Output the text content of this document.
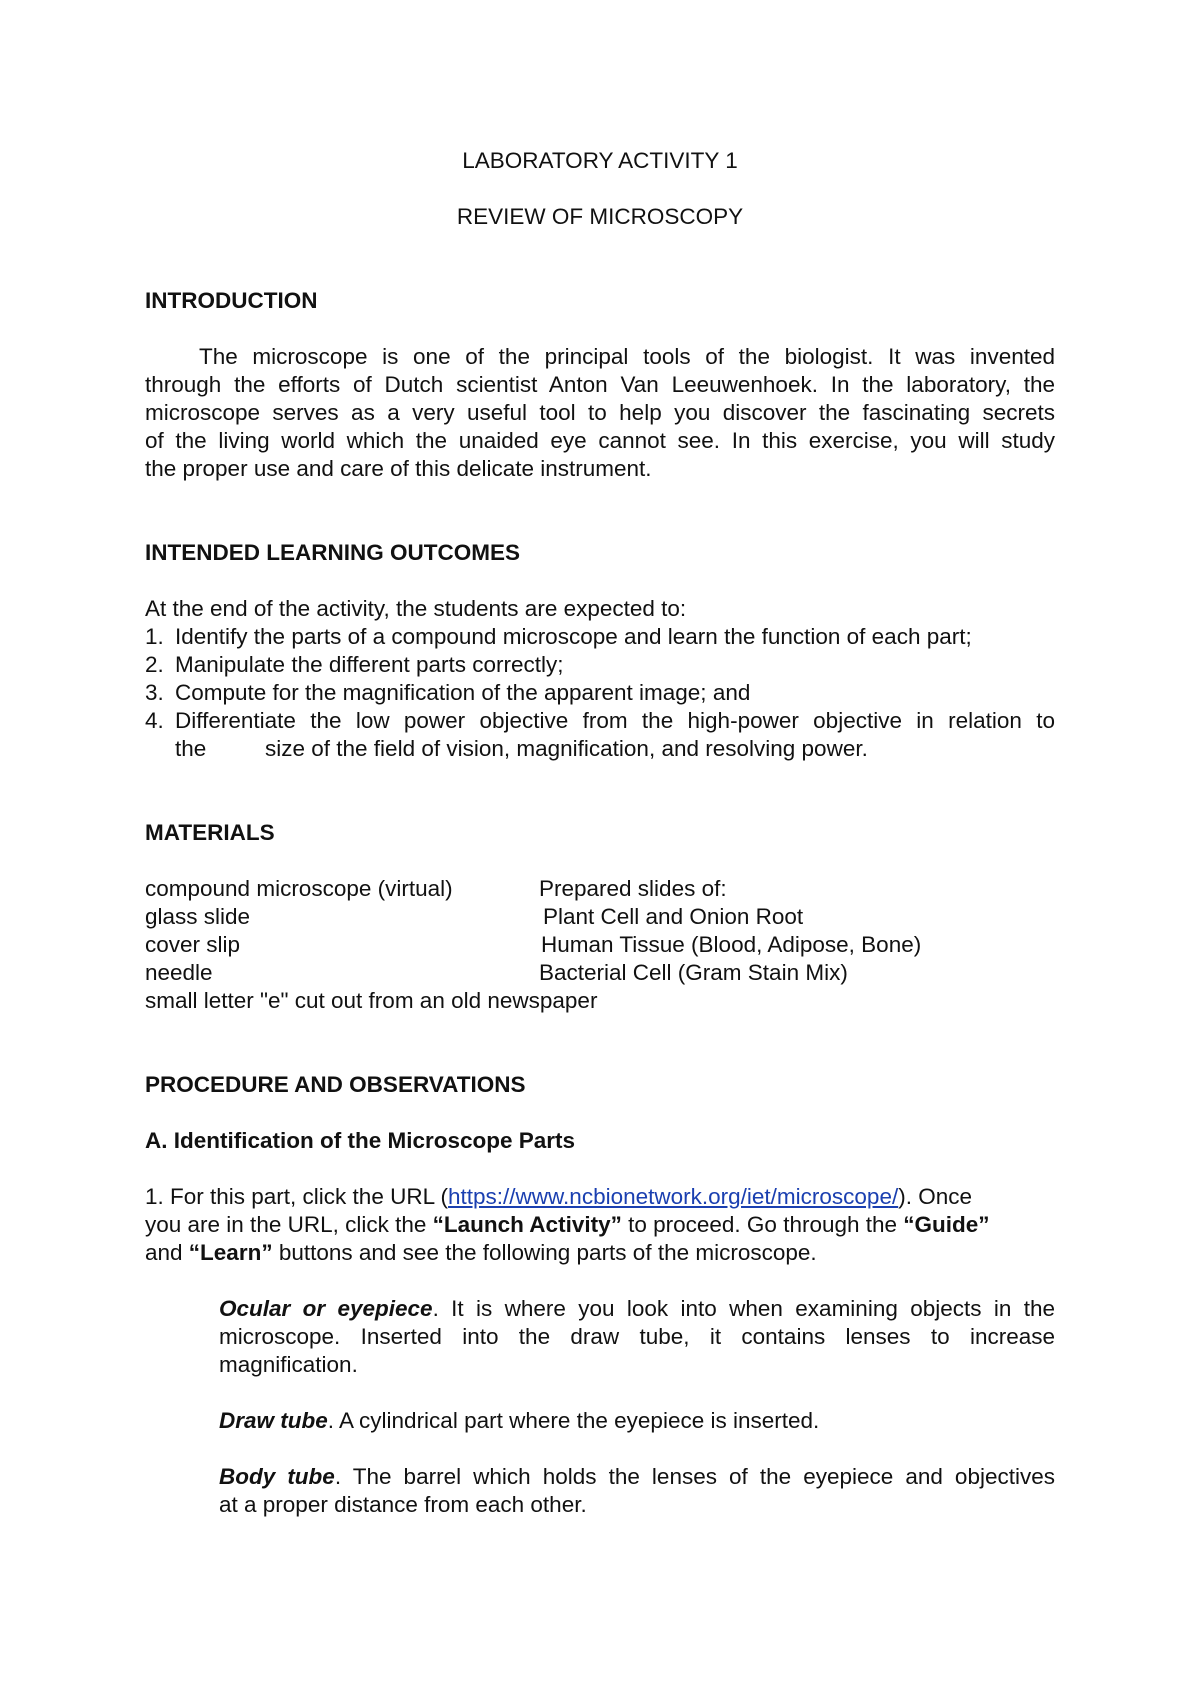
LABORATORY ACTIVITY 1
REVIEW OF MICROSCOPY
INTRODUCTION
The microscope is one of the principal tools of the biologist. It was invented
through the efforts of Dutch scientist Anton Van Leeuwenhoek. In the laboratory, the
microscope serves as a very useful tool to help you discover the fascinating secrets
of the living world which the unaided eye cannot see. In this exercise, you will study
the proper use and care of this delicate instrument.
INTENDED LEARNING OUTCOMES
At the end of the activity, the students are expected to:
1. Identify the parts of a compound microscope and learn the function of each part;
2. Manipulate the different parts correctly;
3. Compute for the magnification of the apparent image; and
4. Differentiate the low power objective from the high-power objective in relation to
the	size of the field of vision, magnification, and resolving power.
MATERIALS
compound microscope (virtual)
glass slide
cover slip
needle
small letter "e" cut out from an old newspaper
Prepared slides of:
Plant Cell and Onion Root
Human Tissue (Blood, Adipose, Bone)
Bacterial Cell (Gram Stain Mix)
PROCEDURE AND OBSERVATIONS
A. Identification of the Microscope Parts
1. For this part, click the URL (https://www.ncbionetwork.org/iet/microscope/). Once
you are in the URL, click the “Launch Activity” to proceed. Go through the “Guide”
and “Learn” buttons and see the following parts of the microscope.
Ocular or eyepiece. It is where you look into when examining objects in the
microscope. Inserted into the draw tube, it contains lenses to increase
magnification.
Draw tube. A cylindrical part where the eyepiece is inserted.
Body tube. The barrel which holds the lenses of the eyepiece and objectives
at a proper distance from each other.
